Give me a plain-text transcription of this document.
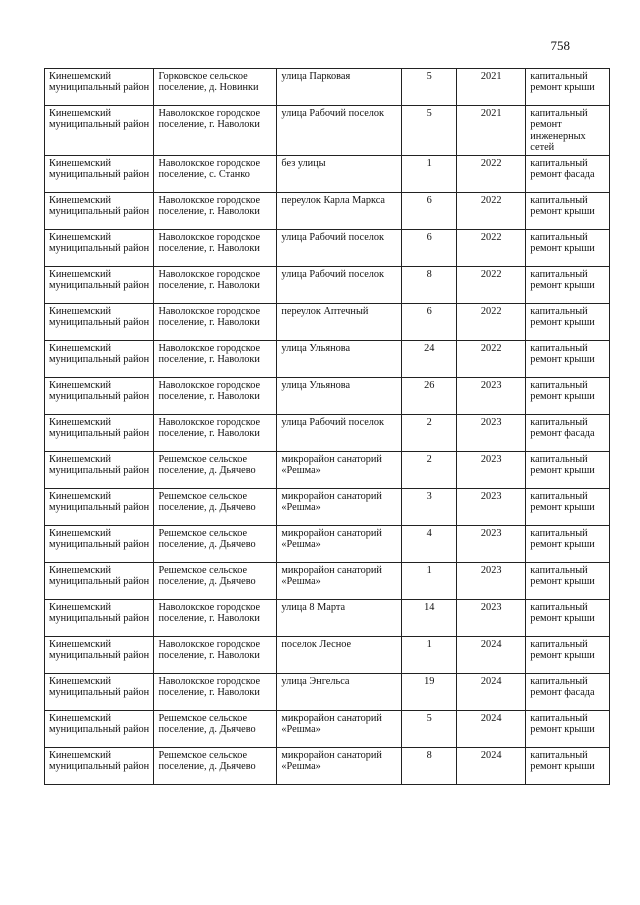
758
Кинешемский муниципальный район	Горковское сельское поселение, д. Новинки	улица Парковая	5	2021	капитальный ремонт крыши
Кинешемский муниципальный район	Наволокское городское поселение, г. Наволоки	улица Рабочий поселок	5	2021	капитальный ремонт инженерных сетей
Кинешемский муниципальный район	Наволокское городское поселение, с. Станко	без улицы	1	2022	капитальный ремонт фасада
Кинешемский муниципальный район	Наволокское городское поселение, г. Наволоки	переулок Карла Маркса	6	2022	капитальный ремонт крыши
Кинешемский муниципальный район	Наволокское городское поселение, г. Наволоки	улица Рабочий поселок	6	2022	капитальный ремонт крыши
Кинешемский муниципальный район	Наволокское городское поселение, г. Наволоки	улица Рабочий поселок	8	2022	капитальный ремонт крыши
Кинешемский муниципальный район	Наволокское городское поселение, г. Наволоки	переулок Аптечный	6	2022	капитальный ремонт крыши
Кинешемский муниципальный район	Наволокское городское поселение, г. Наволоки	улица Ульянова	24	2022	капитальный ремонт крыши
Кинешемский муниципальный район	Наволокское городское поселение, г. Наволоки	улица Ульянова	26	2023	капитальный ремонт крыши
Кинешемский муниципальный район	Наволокское городское поселение, г. Наволоки	улица Рабочий поселок	2	2023	капитальный ремонт фасада
Кинешемский муниципальный район	Решемское сельское поселение, д. Дьячево	микрорайон санаторий «Решма»	2	2023	капитальный ремонт крыши
Кинешемский муниципальный район	Решемское сельское поселение, д. Дьячево	микрорайон санаторий «Решма»	3	2023	капитальный ремонт крыши
Кинешемский муниципальный район	Решемское сельское поселение, д. Дьячево	микрорайон санаторий «Решма»	4	2023	капитальный ремонт крыши
Кинешемский муниципальный район	Решемское сельское поселение, д. Дьячево	микрорайон санаторий «Решма»	1	2023	капитальный ремонт крыши
Кинешемский муниципальный район	Наволокское городское поселение, г. Наволоки	улица 8 Марта	14	2023	капитальный ремонт крыши
Кинешемский муниципальный район	Наволокское городское поселение, г. Наволоки	поселок Лесное	1	2024	капитальный ремонт крыши
Кинешемский муниципальный район	Наволокское городское поселение, г. Наволоки	улица Энгельса	19	2024	капитальный ремонт фасада
Кинешемский муниципальный район	Решемское сельское поселение, д. Дьячево	микрорайон санаторий «Решма»	5	2024	капитальный ремонт крыши
Кинешемский муниципальный район	Решемское сельское поселение, д. Дьячево	микрорайон санаторий «Решма»	8	2024	капитальный ремонт крыши
